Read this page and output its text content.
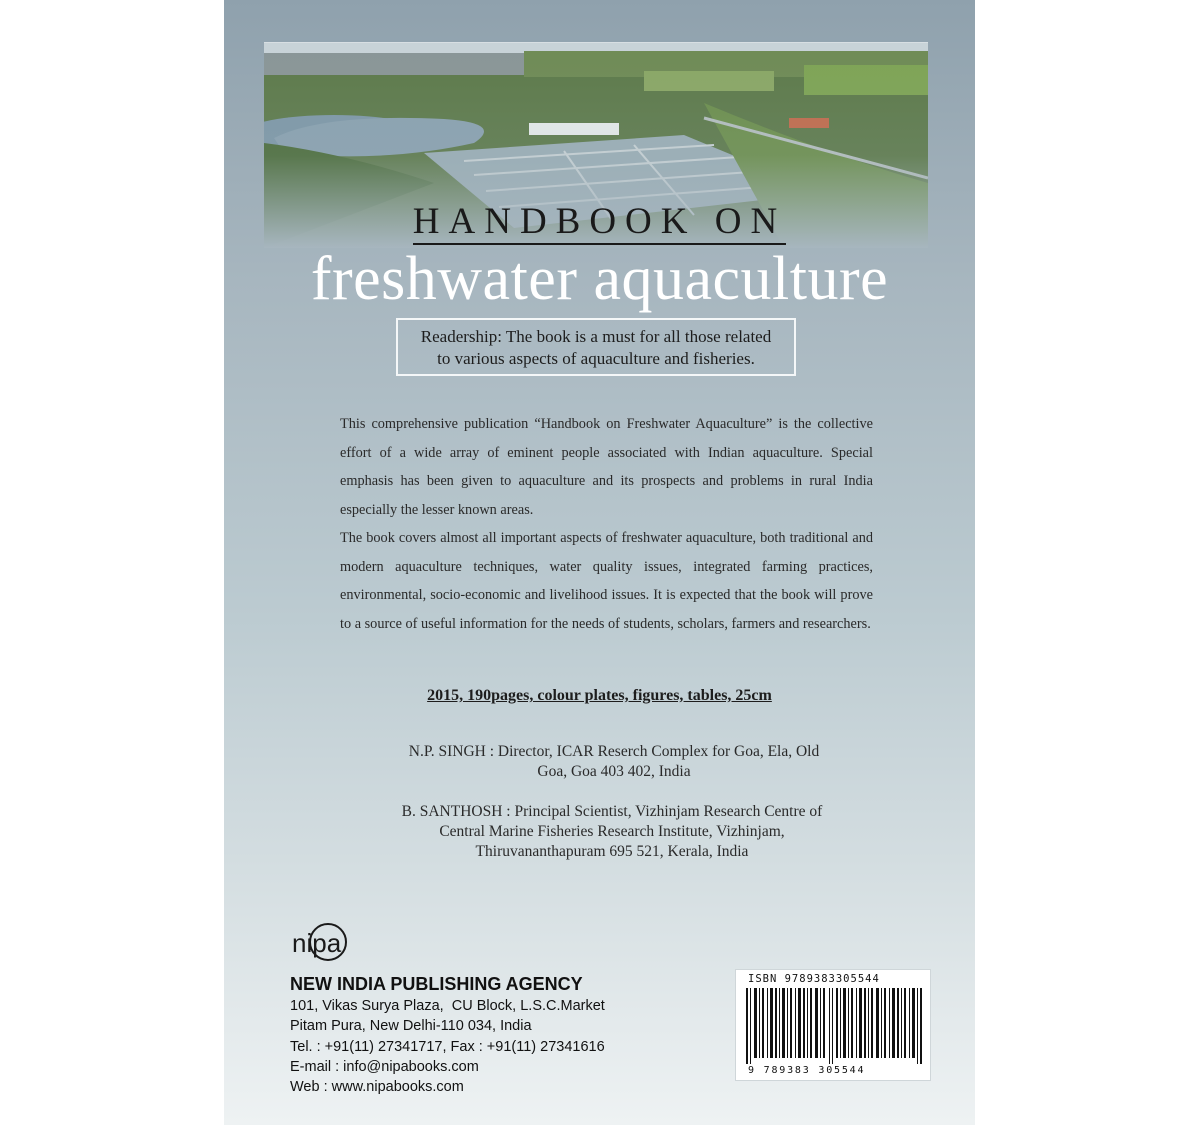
HANDBOOK ON
freshwater aquaculture
Readership: The book is a must for all those related
to various aspects of aquaculture and fisheries.

This comprehensive publication “Handbook on Freshwater Aquaculture” is the collective effort of a wide array of eminent people associated with Indian aquaculture. Special emphasis has been given to aquaculture and its prospects and problems in rural India especially the lesser known areas.

The book covers almost all important aspects of freshwater aquaculture, both traditional and modern aquaculture techniques, water quality issues, integrated farming practices, environmental, socio-economic and livelihood issues. It is expected that the book will prove to a source of useful information for the needs of students, scholars, farmers and researchers.

2015, 190pages, colour plates, figures, tables, 25cm
N.P. SINGH : Director, ICAR Reserch Complex for Goa, Ela, Old
Goa, Goa 403 402, India
B. SANTHOSH : Principal Scientist, Vizhinjam Research Centre of
Central Marine Fisheries Research Institute, Vizhinjam,
Thiruvananthapuram 695 521, Kerala, India
nipa
NEW INDIA PUBLISHING AGENCY
101, Vikas Surya Plaza,  CU Block, L.S.C.Market
Pitam Pura, New Delhi-110 034, India
Tel. : +91(11) 27341717, Fax : +91(11) 27341616
E-mail : info@nipabooks.com
Web : www.nipabooks.com
ISBN 9789383305544
9 789383 305544
